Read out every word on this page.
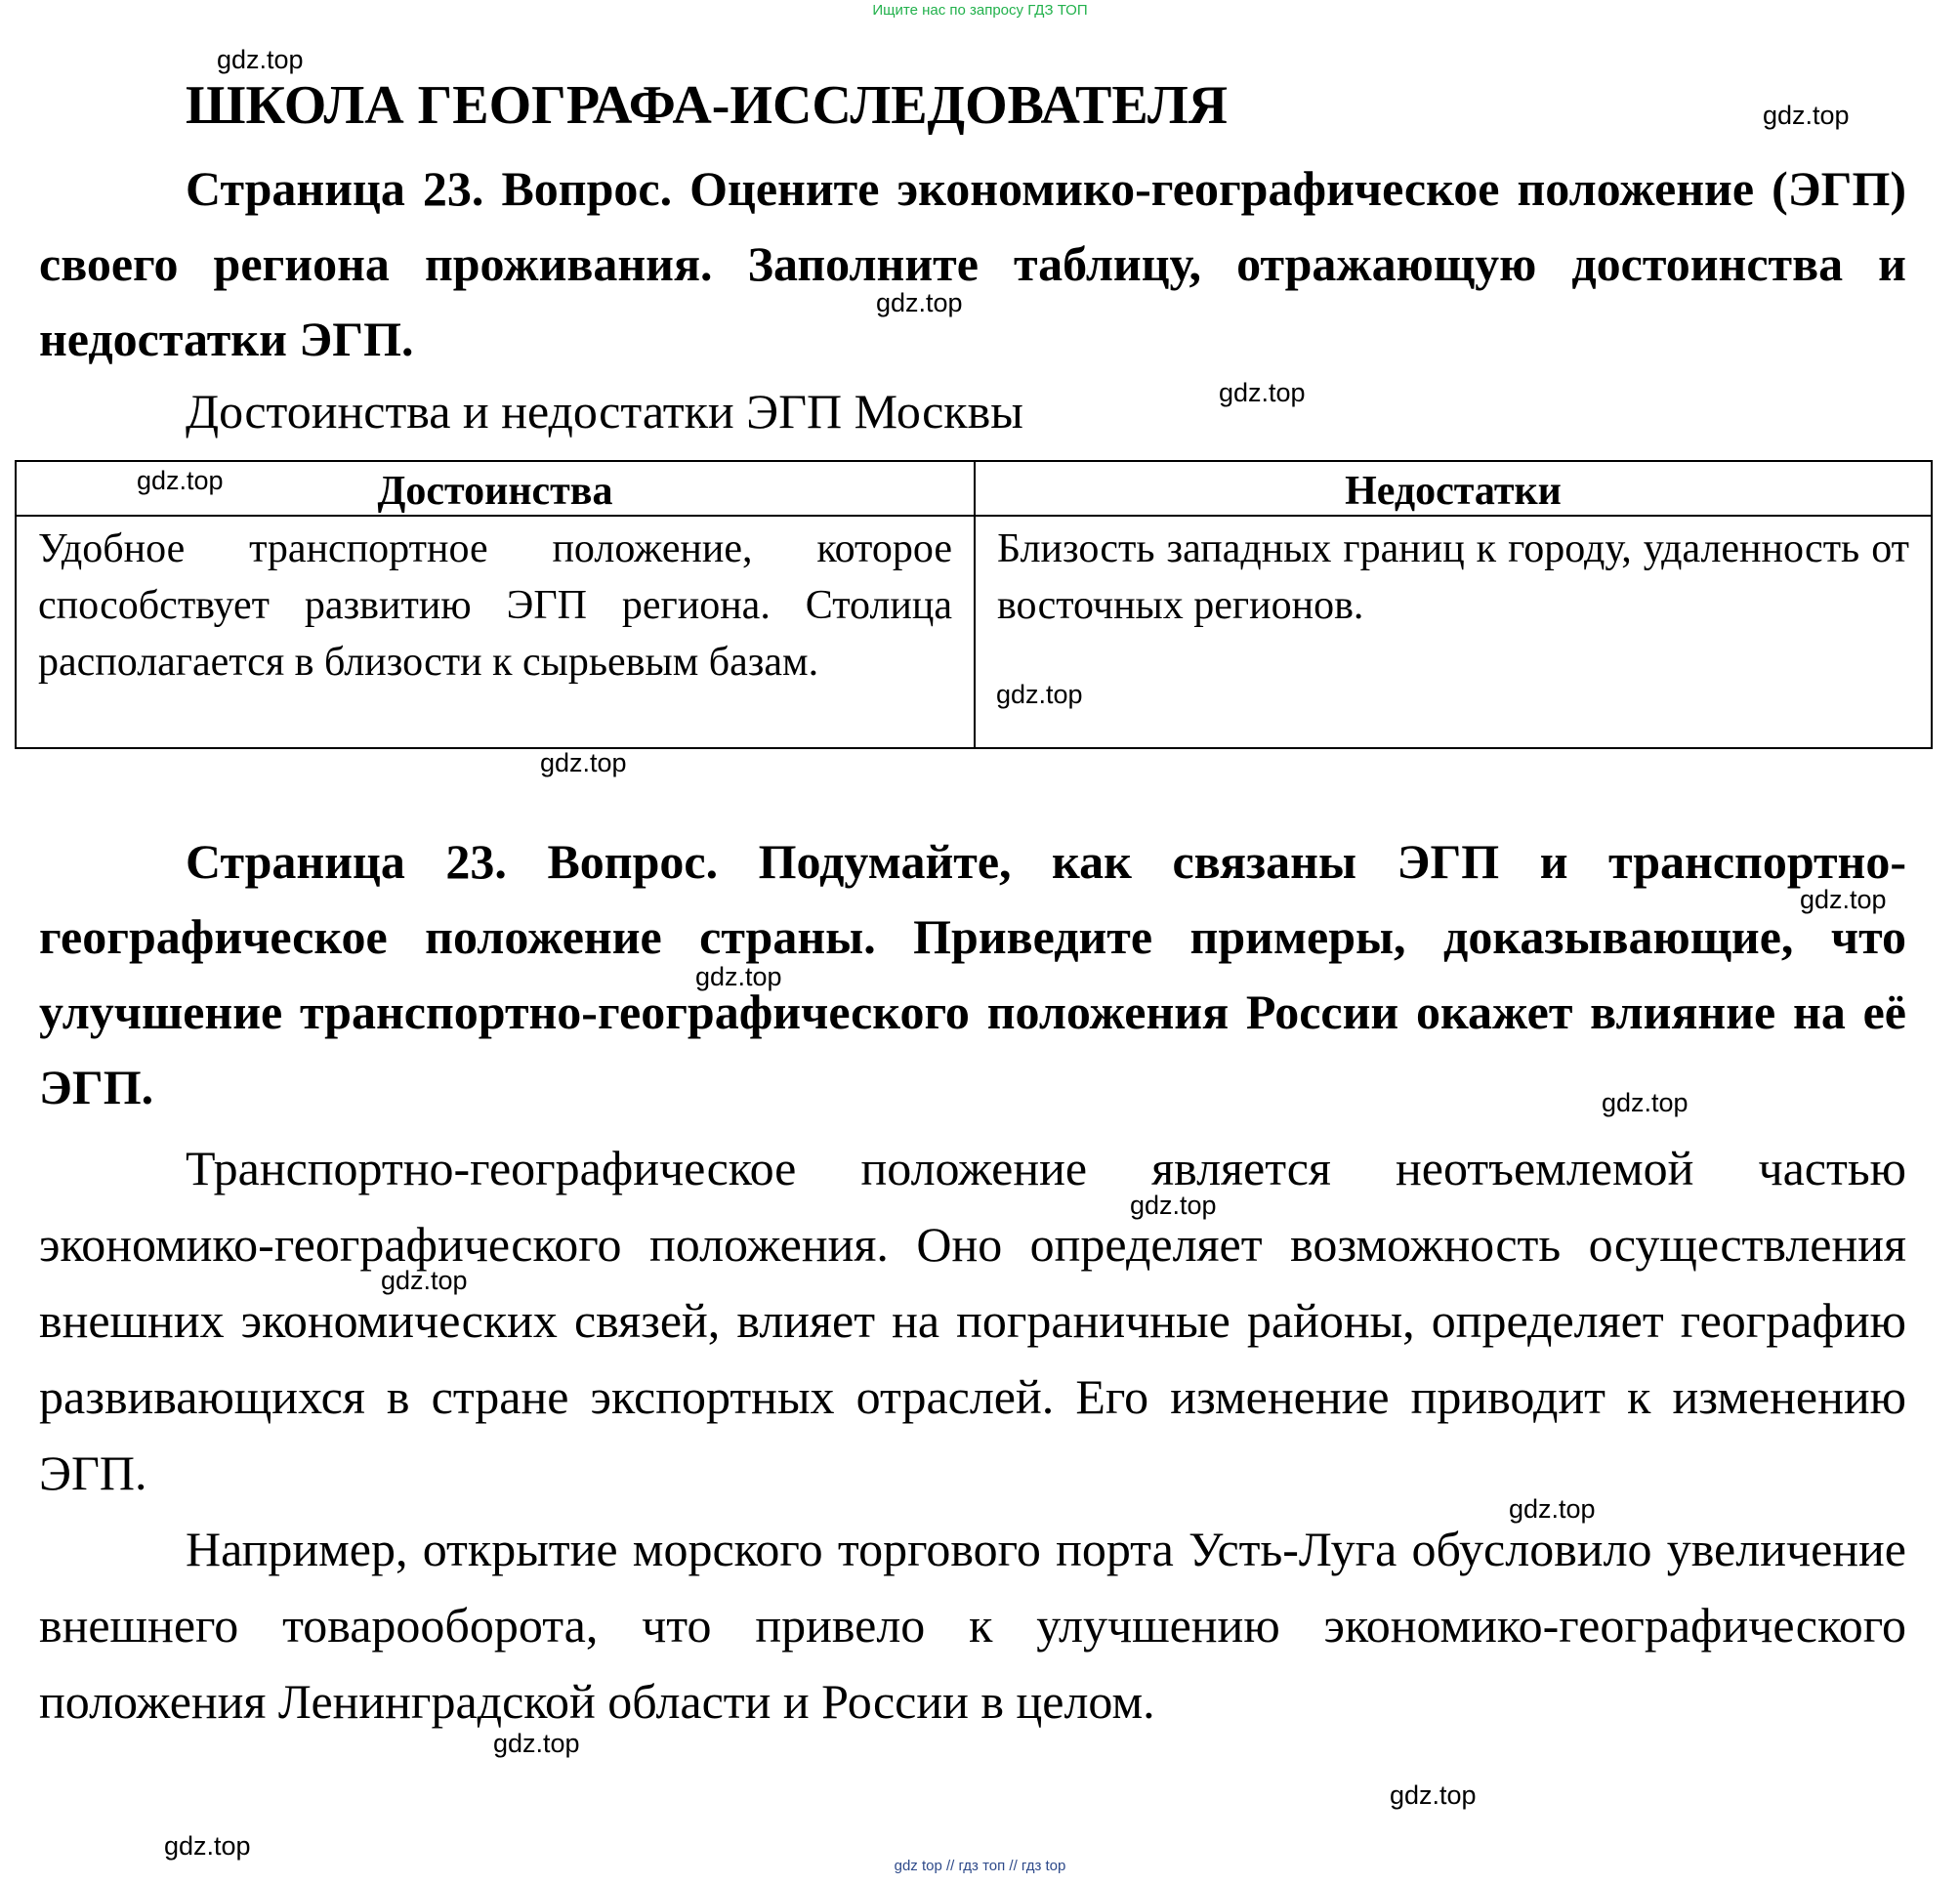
Ищите нас по запросу ГДЗ ТОП
ШКОЛА ГЕОГРАФА-ИССЛЕДОВАТЕЛЯ
Страница 23. Вопрос. Оцените экономико-географическое положение (ЭГП) своего региона проживания. Заполните таблицу, отражающую достоинства и недостатки ЭГП.
Достоинства и недостатки ЭГП Москвы
Достоинства	Недостатки
Удобное транспортное положение, которое способствует развитию ЭГП региона. Столица располагается в близости к сырьевым базам.	Близость западных границ к городу, удаленность от восточных регионов.
Страница 23. Вопрос. Подумайте, как связаны ЭГП и транспортно-географическое положение страны. Приведите примеры, доказывающие, что улучшение транспортно-географического положения России окажет влияние на её ЭГП.
Транспортно-географическое положение является неотъемлемой частью экономико-географического положения. Оно определяет возможность осуществления внешних экономических связей, влияет на пограничные районы, определяет географию развивающихся в стране экспортных отраслей. Его изменение приводит к изменению ЭГП.
Например, открытие морского торгового порта Усть-Луга обусловило увеличение внешнего товарооборота, что привело к улучшению экономико-географического положения Ленинградской области и России в целом.
gdz.top
gdz.top
gdz.top
gdz.top
gdz.top
gdz.top
gdz.top
gdz.top
gdz.top
gdz.top
gdz.top
gdz.top
gdz.top
gdz.top
gdz.top
gdz.top
gdz top // гдз топ // гдз top
